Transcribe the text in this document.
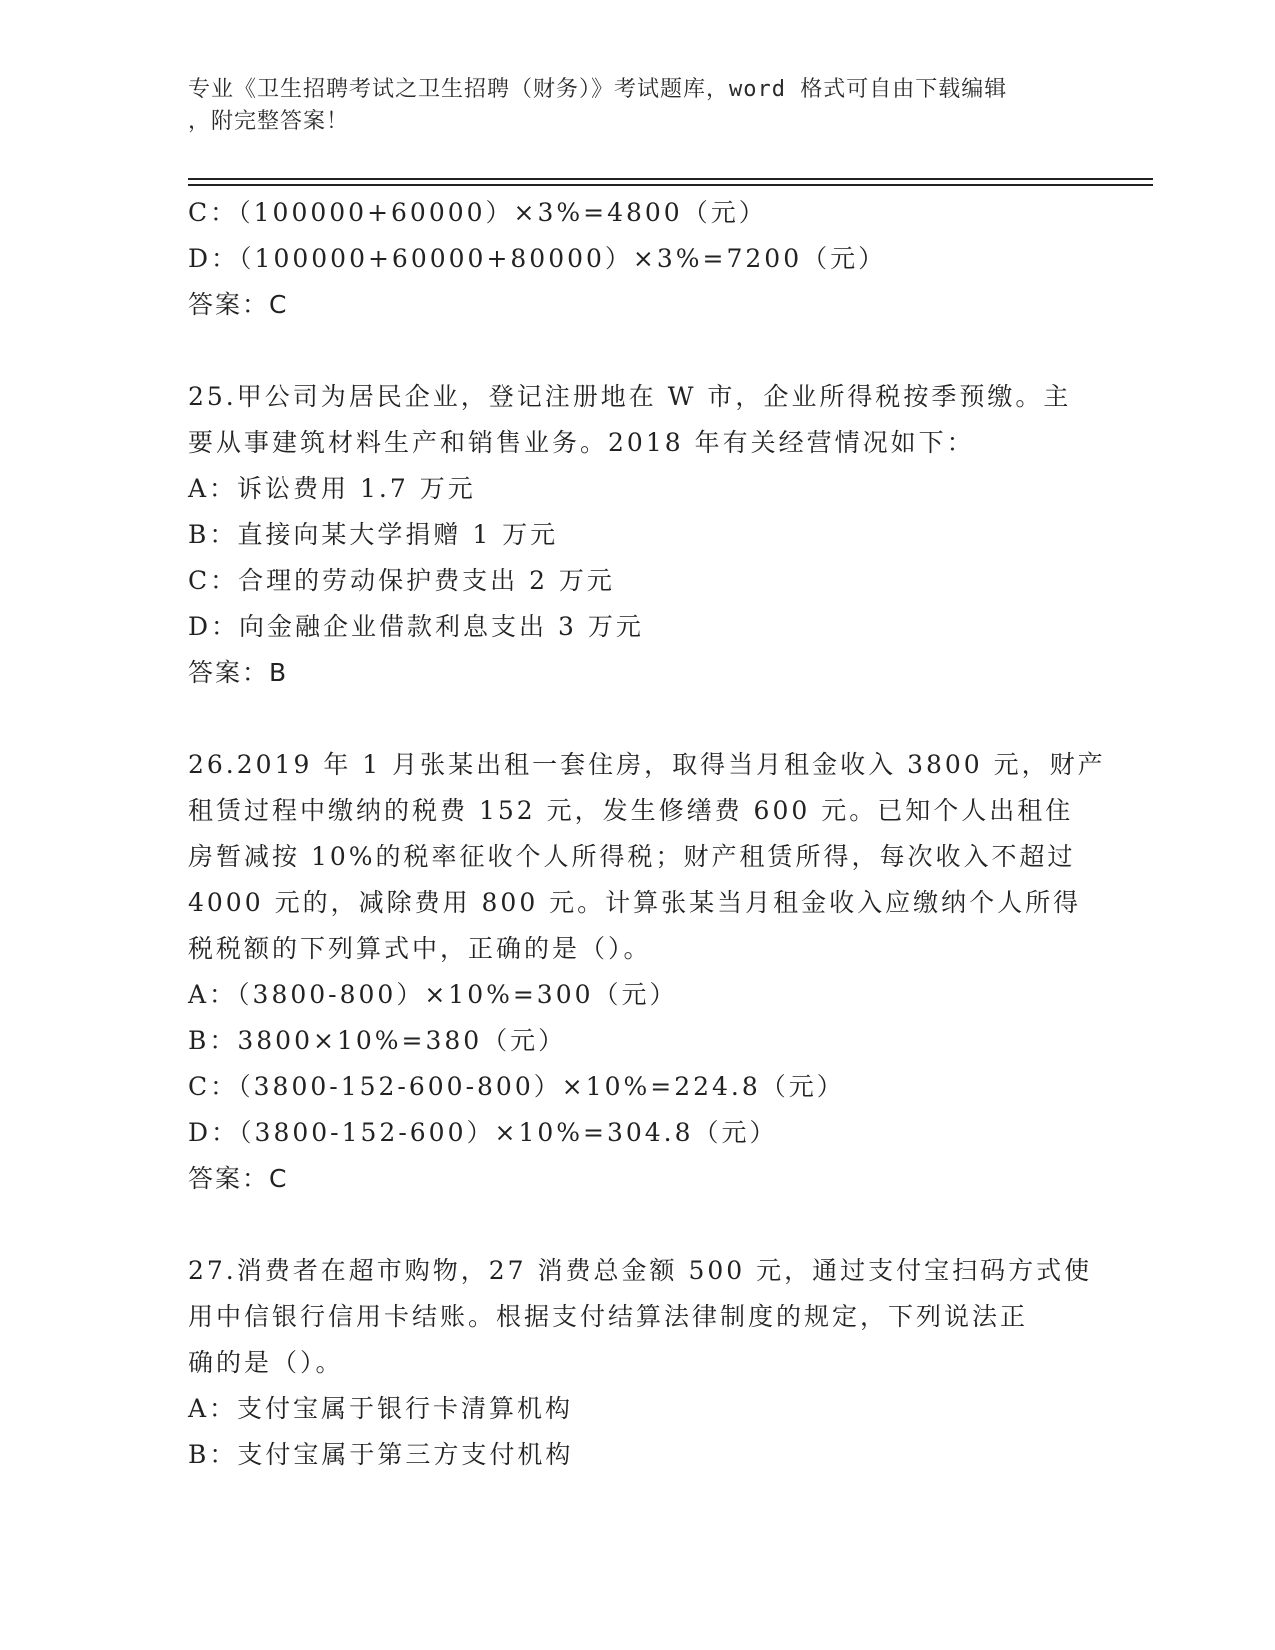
专业《卫生招聘考试之卫生招聘（财务）》考试题库，word 格式可自由下载编辑
，附完整答案！
C：（100000+60000）×3%=4800（元）
D：（100000+60000+80000）×3%=7200（元）
答案：C
25.甲公司为居民企业，登记注册地在 W 市，企业所得税按季预缴。主
要从事建筑材料生产和销售业务。2018 年有关经营情况如下：
A：诉讼费用 1.7 万元
B：直接向某大学捐赠 1 万元
C：合理的劳动保护费支出 2 万元
D：向金融企业借款利息支出 3 万元
答案：B
26.2019 年 1 月张某出租一套住房，取得当月租金收入 3800 元，财产
租赁过程中缴纳的税费 152 元，发生修缮费 600 元。已知个人出租住
房暂减按 10%的税率征收个人所得税；财产租赁所得，每次收入不超过
4000 元的，减除费用 800 元。计算张某当月租金收入应缴纳个人所得
税税额的下列算式中，正确的是（）。
A：（3800-800）×10%=300（元）
B：3800×10%=380（元）
C：（3800-152-600-800）×10%=224.8（元）
D：（3800-152-600）×10%=304.8（元）
答案：C
27.消费者在超市购物，27 消费总金额 500 元，通过支付宝扫码方式使
用中信银行信用卡结账。根据支付结算法律制度的规定，下列说法正
确的是（）。
A：支付宝属于银行卡清算机构
B：支付宝属于第三方支付机构
